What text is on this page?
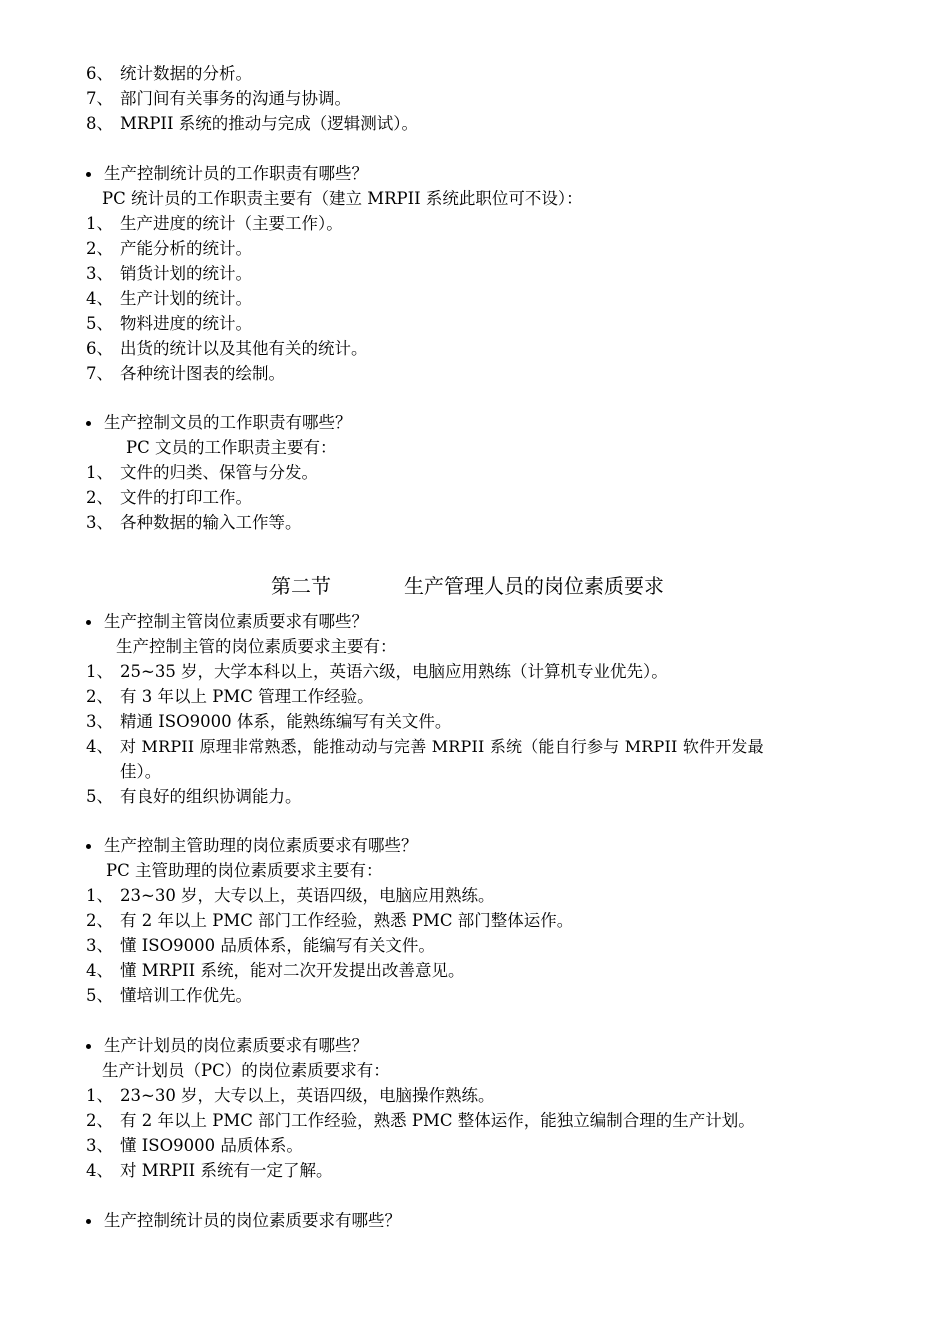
6、 统计数据的分析。
7、 部门间有关事务的沟通与协调。
8、 MRPII 系统的推动与完成（逻辑测试）。
生产控制统计员的工作职责有哪些？
PC 统计员的工作职责主要有（建立 MRPII 系统此职位可不设）：
1、 生产进度的统计（主要工作）。
2、 产能分析的统计。
3、 销货计划的统计。
4、 生产计划的统计。
5、 物料进度的统计。
6、 出货的统计以及其他有关的统计。
7、 各种统计图表的绘制。
生产控制文员的工作职责有哪些？
PC 文员的工作职责主要有：
1、 文件的归类、保管与分发。
2、 文件的打印工作。
3、 各种数据的输入工作等。
第二节	生产管理人员的岗位素质要求
生产控制主管岗位素质要求有哪些？
生产控制主管的岗位素质要求主要有：
1、 25~35 岁，大学本科以上，英语六级，电脑应用熟练（计算机专业优先）。
2、 有 3 年以上 PMC 管理工作经验。
3、 精通 ISO9000 体系，能熟练编写有关文件。
4、 对 MRPII 原理非常熟悉，能推动动与完善 MRPII 系统（能自行参与 MRPII 软件开发最
佳）。
5、 有良好的组织协调能力。
生产控制主管助理的岗位素质要求有哪些？
PC 主管助理的岗位素质要求主要有：
1、 23~30 岁，大专以上，英语四级，电脑应用熟练。
2、 有 2 年以上 PMC 部门工作经验，熟悉 PMC 部门整体运作。
3、 懂 ISO9000 品质体系，能编写有关文件。
4、 懂 MRPII 系统，能对二次开发提出改善意见。
5、 懂培训工作优先。
生产计划员的岗位素质要求有哪些？
生产计划员（PC）的岗位素质要求有：
1、 23~30 岁，大专以上，英语四级，电脑操作熟练。
2、 有 2 年以上 PMC 部门工作经验，熟悉 PMC 整体运作，能独立编制合理的生产计划。
3、 懂 ISO9000 品质体系。
4、 对 MRPII 系统有一定了解。
生产控制统计员的岗位素质要求有哪些？
